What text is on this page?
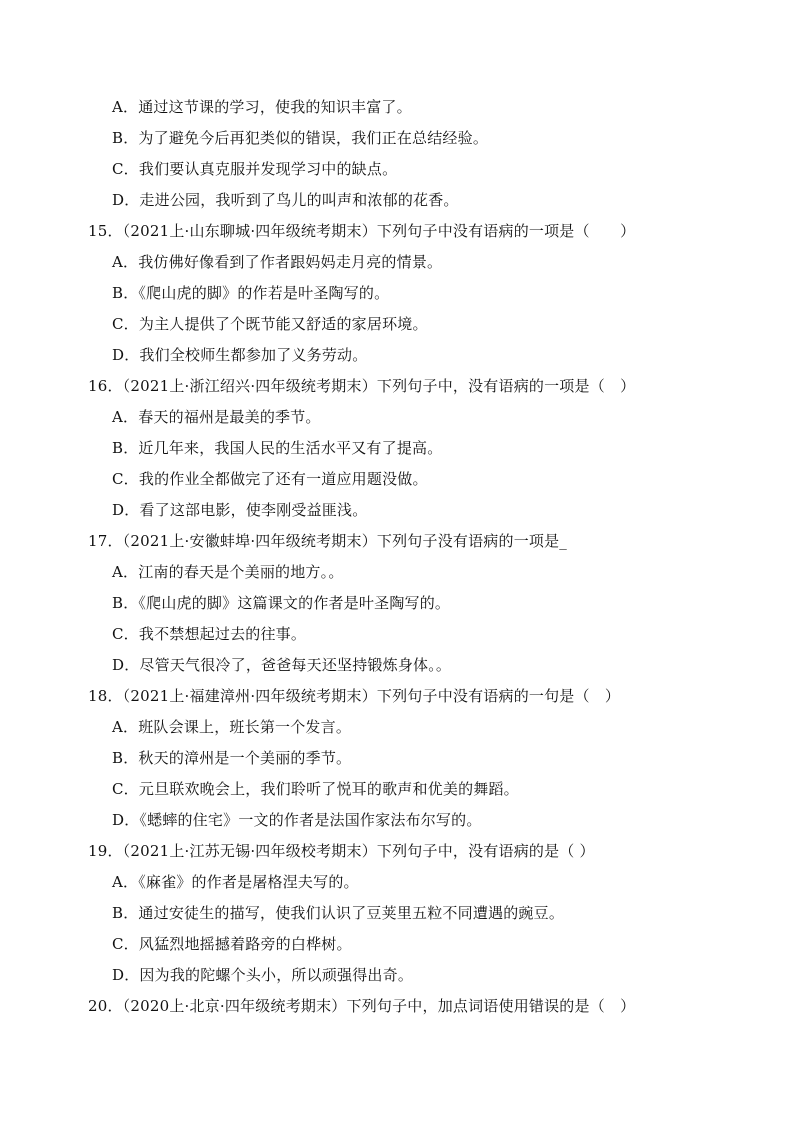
A．通过这节课的学习，使我的知识丰富了。
B．为了避免今后再犯类似的错误，我们正在总结经验。
C．我们要认真克服并发现学习中的缺点。
D．走进公园，我听到了鸟儿的叫声和浓郁的花香。
15．（2021上·山东聊城·四年级统考期末）下列句子中没有语病的一项是（　　）
A．我仿佛好像看到了作者跟妈妈走月亮的情景。
B．《爬山虎的脚》的作若是叶圣陶写的。
C．为主人提供了个既节能又舒适的家居环境。
D．我们全校师生都参加了义务劳动。
16．（2021上·浙江绍兴·四年级统考期末）下列句子中，没有语病的一项是（　）
A．春天的福州是最美的季节。
B．近几年来，我国人民的生活水平又有了提高。
C．我的作业全都做完了还有一道应用题没做。
D．看了这部电影，使李刚受益匪浅。
17．（2021上·安徽蚌埠·四年级统考期末）下列句子没有语病的一项是_
A．江南的春天是个美丽的地方。。
B．《爬山虎的脚》这篇课文的作者是叶圣陶写的。
C．我不禁想起过去的往事。
D．尽管天气很冷了，爸爸每天还坚持锻炼身体。。
18．（2021上·福建漳州·四年级统考期末）下列句子中没有语病的一句是（　）
A．班队会课上，班长第一个发言。
B．秋天的漳州是一个美丽的季节。
C．元旦联欢晚会上，我们聆听了悦耳的歌声和优美的舞蹈。
D．《蟋蟀的住宅》一文的作者是法国作家法布尔写的。
19．（2021上·江苏无锡·四年级校考期末）下列句子中，没有语病的是（ ）
A．《麻雀》的作者是屠格涅夫写的。
B．通过安徒生的描写，使我们认识了豆荚里五粒不同遭遇的豌豆。
C．风猛烈地摇撼着路旁的白桦树。
D．因为我的陀螺个头小，所以顽强得出奇。
20．（2020上·北京·四年级统考期末）下列句子中，加点词语使用错误的是（　）
